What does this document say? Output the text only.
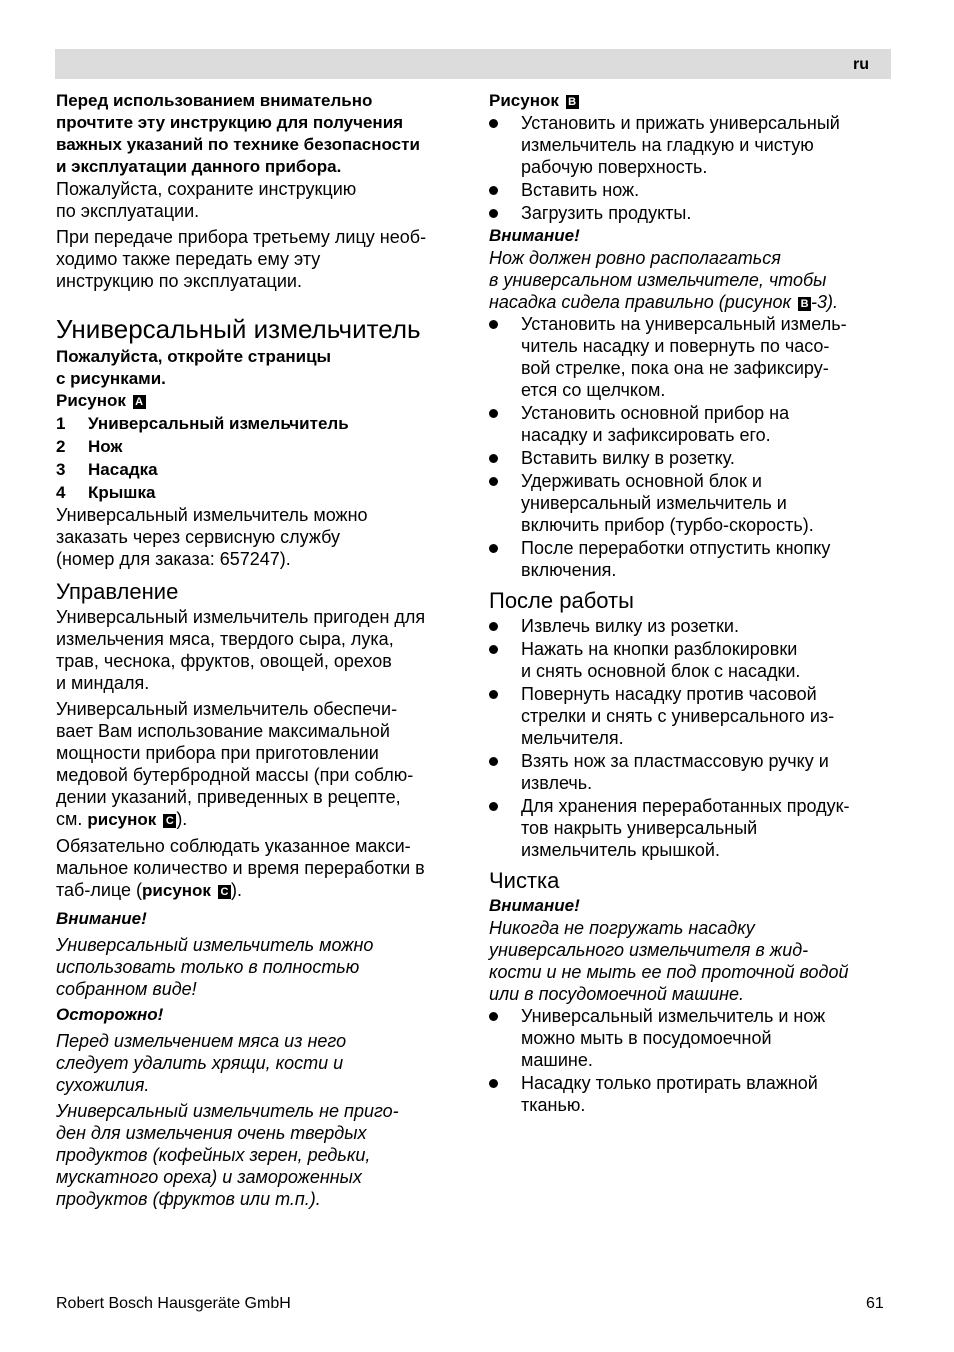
ru
Перед использованием внимательно
прочтите эту инструкцию для получения
важных указаний по технике безопасности
и эксплуатации данного прибора.
Пожалуйста, сохраните инструкцию
по эксплуатации.
При передаче прибора третьему лицу необ-
ходимо также передать ему эту
инструкцию по эксплуатации.
Универсальный измельчитель
Пожалуйста, откройте страницы
с рисунками.
Рисунок A
1	Универсальный измельчитель
2	Нож
3	Насадка
4	Крышка
Универсальный измельчитель можно
заказать через сервисную службу
(номер для заказа: 657247).
Управление
Универсальный измельчитель пригоден для
измельчения мяса, твердого сыра, лука,
трав, чеснока, фруктов, овощей, орехов
и миндаля.
Универсальный измельчитель обеспечи-
вает Вам использование максимальной
мощности прибора при приготовлении
медовой бутербродной массы (при соблю-
дении указаний, приведенных в рецепте,
см. рисунок C ).
Обязательно соблюдать указанное макси-
мальное количество и время переработки в
таб-лице (рисунок C ).
Внимание!
Универсальный измельчитель можно
использовать только в полностью
собранном виде!
Осторожно!
Перед измельчением мяса из него
следует удалить хрящи, кости и
сухожилия.
Универсальный измельчитель не приго-
ден для измельчения очень твердых
продуктов (кофейных зерен, редьки,
мускатного ореха) и замороженных
продуктов (фруктов или т.п.).
Рисунок B
Установить и прижать универсальный
измельчитель на гладкую и чистую
рабочую поверхность.
Вставить нож.
Загрузить продукты.
Внимание!
Нож должен ровно располагаться
в универсальном измельчителе, чтобы
насадка сидела правильно (рисунок B -3).
Установить на универсальный измель-
читель насадку и повернуть по часо-
вой стрелке, пока она не зафиксиру-
ется со щелчком.
Установить основной прибор на
насадку и зафиксировать его.
Вставить вилку в розетку.
Удерживать основной блок и
универсальный измельчитель и
включить прибор (турбо-скорость).
После переработки отпустить кнопку
включения.
После работы
Извлечь вилку из розетки.
Нажать на кнопки разблокировки
и снять основной блок с насадки.
Повернуть насадку против часовой
стрелки и снять с универсального из-
мельчителя.
Взять нож за пластмассовую ручку и
извлечь.
Для хранения переработанных продук-
тов накрыть универсальный
измельчитель крышкой.
Чистка
Внимание!
Никогда не погружать насадку
универсального измельчителя в жид-
кости и не мыть ее под проточной водой
или в посудомоечной машине.
Универсальный измельчитель и нож
можно мыть в посудомоечной
машине.
Насадку только протирать влажной
тканью.
Robert Bosch Hausgeräte GmbH	61
